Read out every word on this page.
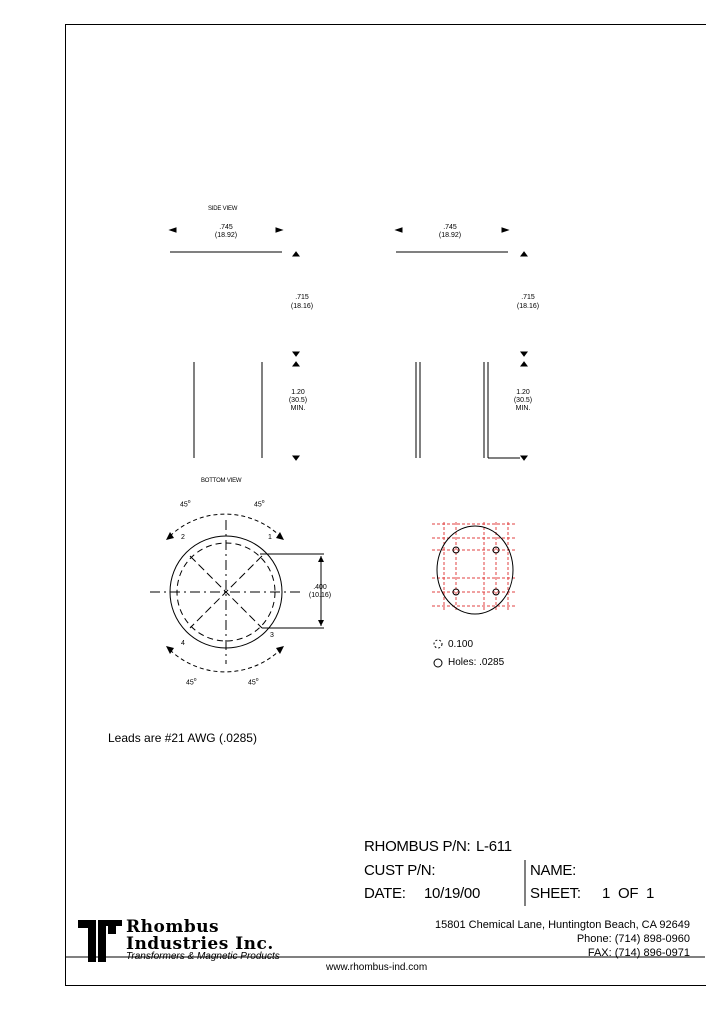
SIDE VIEW
.745
(18.92)
.745
(18.92)
.715
(18.16)
.715
(18.16)
1.20
(30.5)
MIN.
1.20
(30.5)
MIN.
BOTTOM VIEW
45$^o$	45$^o$
45$^o$	45$^o$
1
2
3
4
.400
(10.16)
0.100
Holes: .0285
Leads are #21 AWG (.0285)
RHOMBUS P/N: L-611
CUST P/N:
DATE: 10/19/00
NAME:
SHEET: 1 OF 1
Rhombus
Industries Inc.
Transformers & Magnetic Products
15801 Chemical Lane, Huntington Beach, CA 92649
Phone: (714) 898-0960
FAX: (714) 896-0971
www.rhombus-ind.com
